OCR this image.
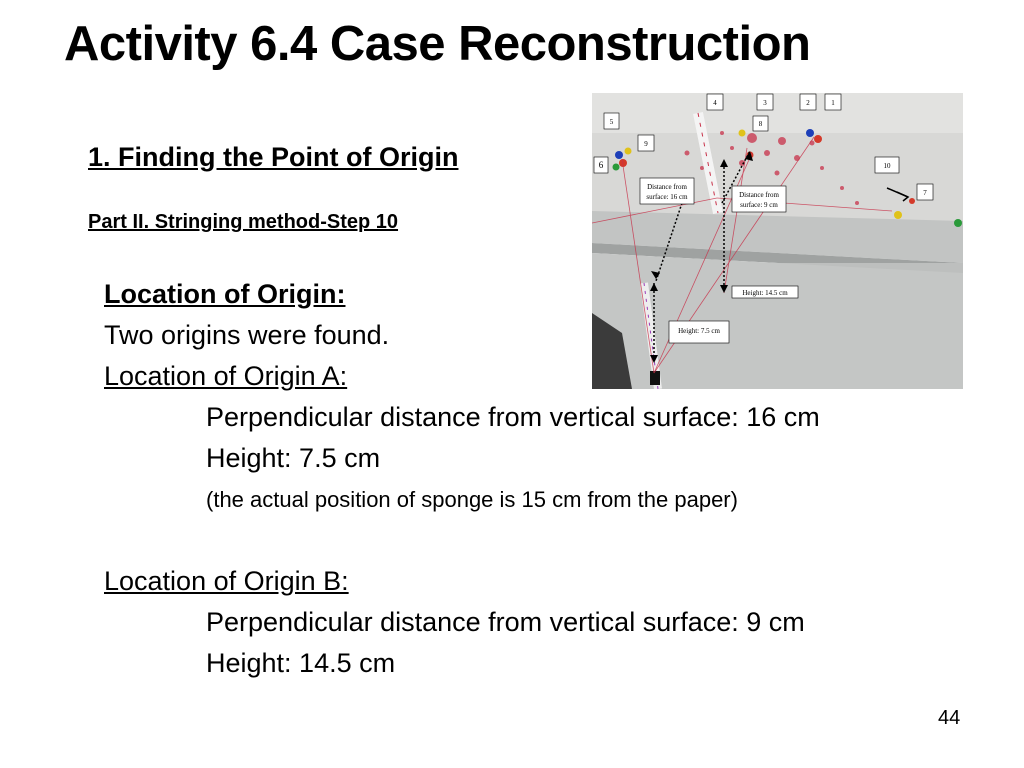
Activity 6.4 Case Reconstruction
1. Finding the Point of Origin
Part II. Stringing method-Step 10
1
2
3
4
5
6
7
8
9
10
Distance from
surface: 16 cm	Distance from
surface: 9 cm
Height: 14.5 cm
Height: 7.5 cm
Location of Origin:
Two origins were found.
Location of Origin A:
Perpendicular distance from vertical surface: 16 cm
Height: 7.5 cm
(the actual position of sponge is 15 cm from the paper)
Location of Origin B:
Perpendicular distance from vertical surface: 9 cm
Height: 14.5 cm
44
